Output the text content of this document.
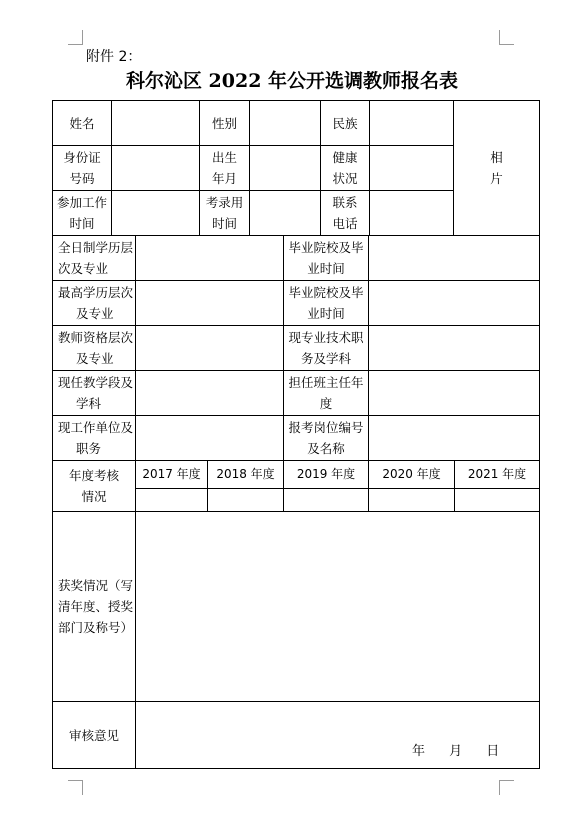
附件 2：
科尔沁区 2022 年公开选调教师报名表
姓名	性别	民族
相
片
身份证
号码
出生
年月
健康
状况
参加工作
时间
考录用
时间
联系
电话
全日制学历层
次及专业
毕业院校及毕
业时间
最高学历层次
及专业
毕业院校及毕
业时间
教师资格层次
及专业
现专业技术职
务及学科
现任教学段及
学科
担任班主任年
度
现工作单位及
职务
报考岗位编号
及名称
年度考核
情况
2017 年度 2018 年度 2019 年度 2020 年度 2021 年度
获奖情况（写
清年度、授奖
部门及称号）
审核意见
年 月 日
